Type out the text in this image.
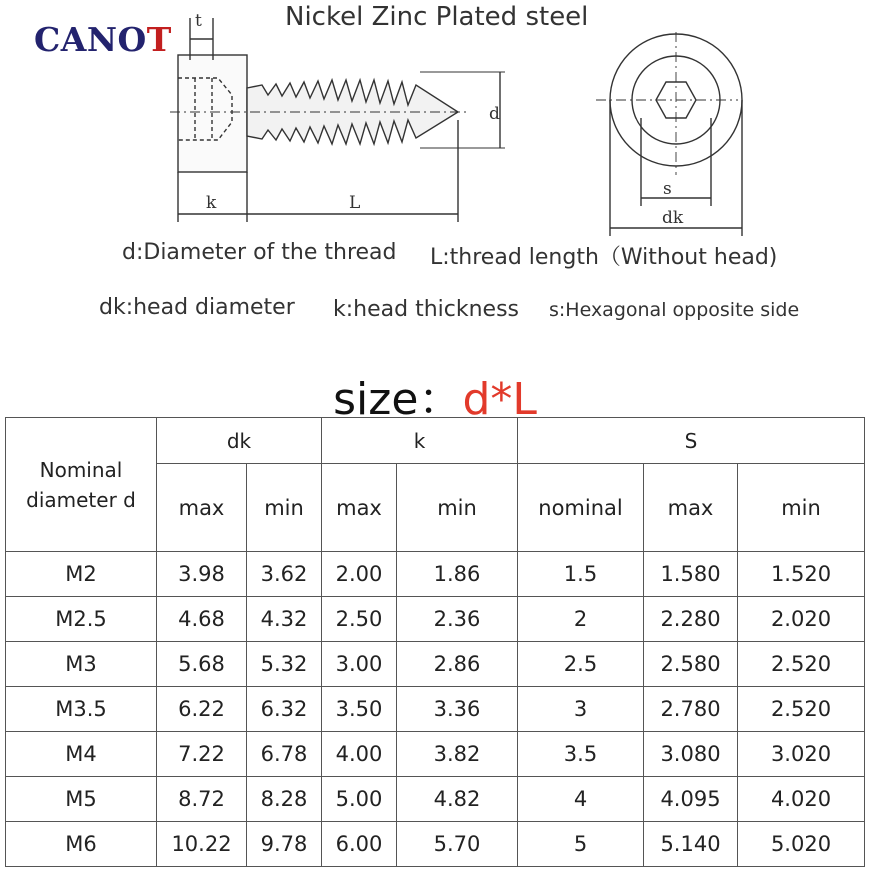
CANOT
Nickel Zinc Plated steel
t
d
k	L
s
dk
d:Diameter of the thread L:thread length（Without head)
dk:head diameter k:head thickness s:Hexagonal opposite side
size：d*L
Nominal
diameter d	dk		k		S		
	max	min	max	min	nominal	max	min
M2	3.98	3.62	2.00	1.86	1.5	1.580	1.520
M2.5	4.68	4.32	2.50	2.36	2	2.280	2.020
M3	5.68	5.32	3.00	2.86	2.5	2.580	2.520
M3.5	6.22	6.32	3.50	3.36	3	2.780	2.520
M4	7.22	6.78	4.00	3.82	3.5	3.080	3.020
M5	8.72	8.28	5.00	4.82	4	4.095	4.020
M6	10.22	9.78	6.00	5.70	5	5.140	5.020
